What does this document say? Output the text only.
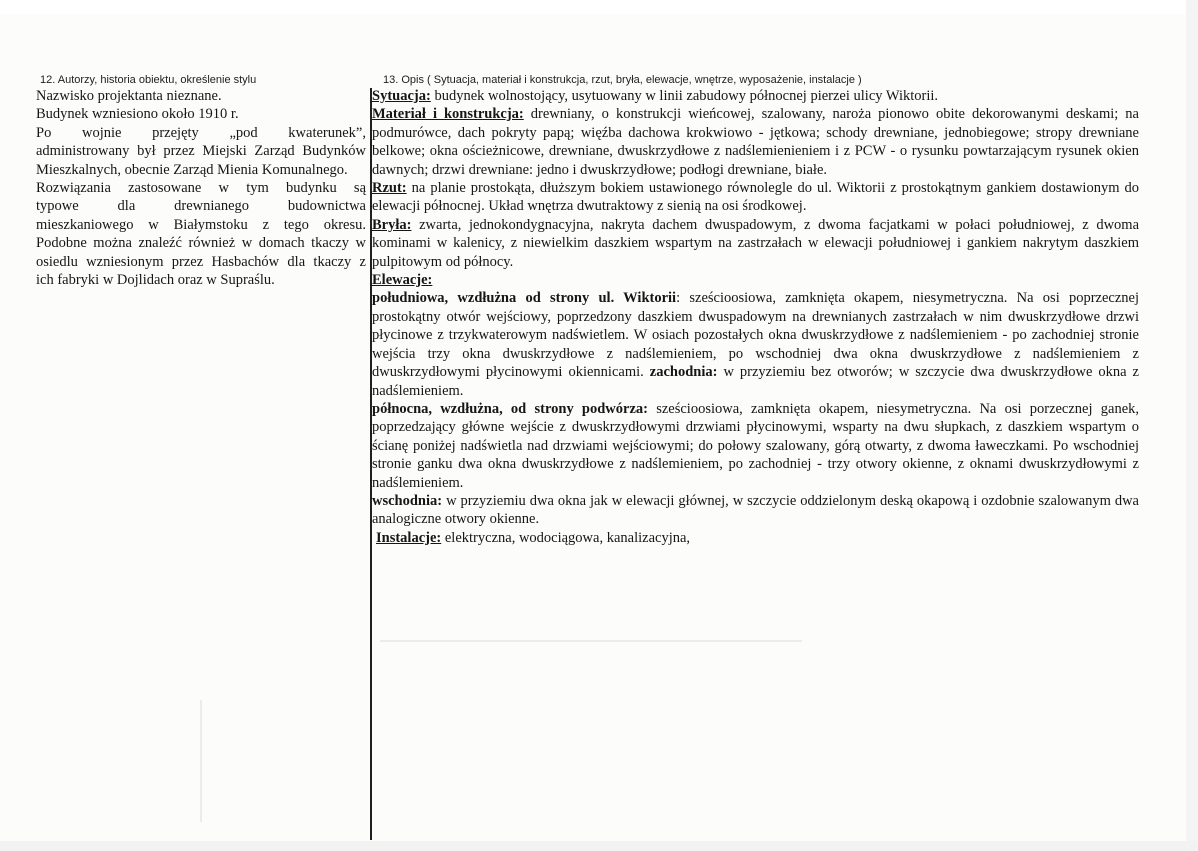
12. Autorzy, historia obiektu, określenie stylu	13. Opis ( Sytuacja, materiał i konstrukcja, rzut, bryła, elewacje, wnętrze, wyposażenie, instalacje )

Nazwisko projektanta nieznane.

Budynek wzniesiono około 1910 r.

Po wojnie przejęty „pod kwaterunek”,

administrowany był przez Miejski Zarząd Budynków

Mieszkalnych, obecnie Zarząd Mienia Komunalnego.

Rozwiązania zastosowane w tym budynku są

typowe dla drewnianego budownictwa

mieszkaniowego w Białymstoku z tego okresu.

Podobne można znaleźć również w domach tkaczy w

osiedlu wzniesionym przez Hasbachów dla tkaczy z

ich fabryki w Dojlidach oraz w Supraślu.

Sytuacja: budynek wolnostojący, usytuowany w linii zabudowy północnej pierzei ulicy Wiktorii.

Materiał i konstrukcja: drewniany, o konstrukcji wieńcowej, szalowany, naroża pionowo obite dekorowanymi deskami; na podmurówce, dach pokryty papą; więźba dachowa krokwiowo - jętkowa; schody drewniane, jednobiegowe; stropy drewniane belkowe; okna ościeżnicowe, drewniane, dwuskrzydłowe z nadślemienieniem i z PCW - o rysunku powtarzającym rysunek okien dawnych; drzwi drewniane: jedno i dwuskrzydłowe; podłogi drewniane, białe.

Rzut: na planie prostokąta, dłuższym bokiem ustawionego równolegle do ul. Wiktorii z prostokątnym gankiem dostawionym do elewacji północnej. Układ wnętrza dwutraktowy z sienią na osi środkowej.

Bryła: zwarta, jednokondygnacyjna, nakryta dachem dwuspadowym, z dwoma facjatkami w połaci południowej, z dwoma kominami w kalenicy, z niewielkim daszkiem wspartym na zastrzałach w elewacji południowej i gankiem nakrytym daszkiem pulpitowym od północy.

Elewacje:

południowa, wzdłużna od strony ul. Wiktorii: sześcioosiowa, zamknięta okapem, niesymetryczna. Na osi poprzecznej prostokątny otwór wejściowy, poprzedzony daszkiem dwuspadowym na drewnianych zastrzałach w nim dwuskrzydłowe drzwi płycinowe z trzykwaterowym nadświetlem. W osiach pozostałych okna dwuskrzydłowe z nadślemieniem - po zachodniej stronie wejścia trzy okna dwuskrzydłowe z nadślemieniem, po wschodniej dwa okna dwuskrzydłowe z nadślemieniem z dwuskrzydłowymi płycinowymi okiennicami. zachodnia: w przyziemiu bez otworów; w szczycie dwa dwuskrzydłowe okna z nadślemieniem.

północna, wzdłużna, od strony podwórza: sześcioosiowa, zamknięta okapem, niesymetryczna. Na osi porzecznej ganek, poprzedzający główne wejście z dwuskrzydłowymi drzwiami płycinowymi, wsparty na dwu słupkach, z daszkiem wspartym o ścianę poniżej nadświetla nad drzwiami wejściowymi; do połowy szalowany, górą otwarty, z dwoma ławeczkami. Po wschodniej stronie ganku dwa okna dwuskrzydłowe z nadślemieniem, po zachodniej - trzy otwory okienne, z oknami dwuskrzydłowymi z nadślemieniem.

wschodnia: w przyziemiu dwa okna jak w elewacji głównej, w szczycie oddzielonym deską okapową i ozdobnie szalowanym dwa analogiczne otwory okienne.

Instalacje: elektryczna, wodociągowa, kanalizacyjna,
